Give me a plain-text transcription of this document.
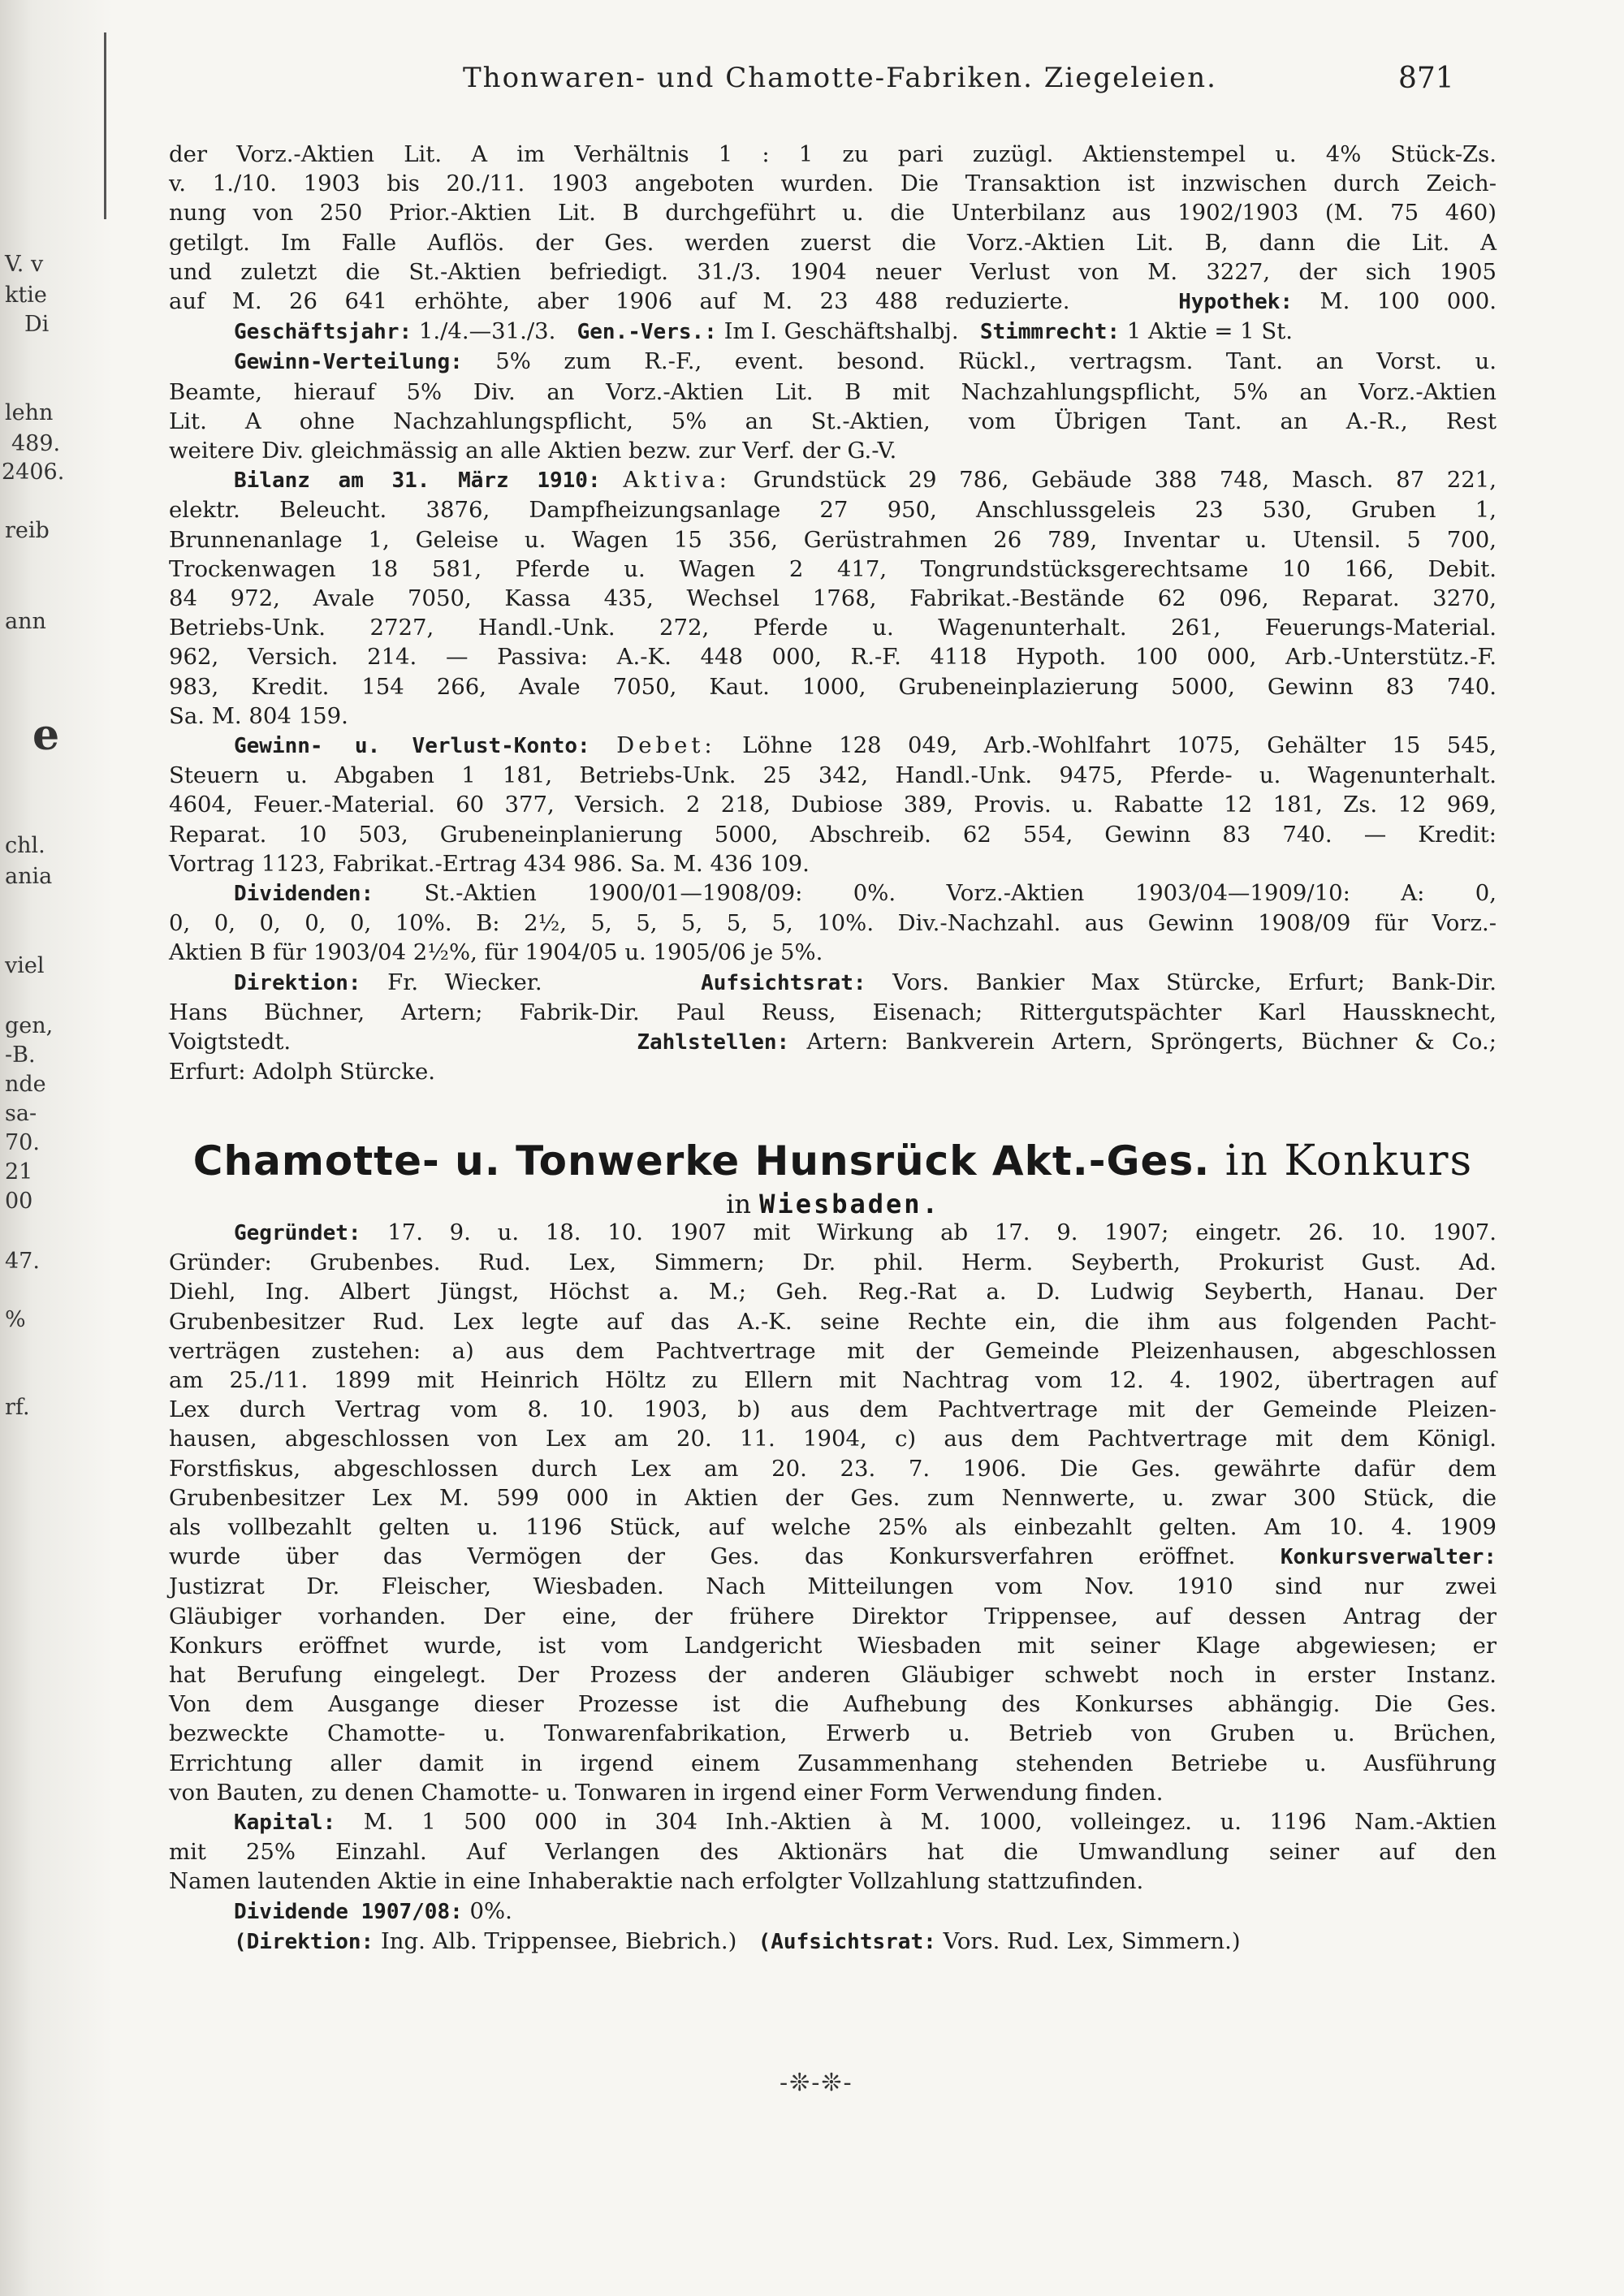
V. v
ktie
Di
lehn
489.
2406.
reib
ann
e
chl.
ania
viel
gen,
-B.
nde
sa-
70.
21
00
47.
%
rf.
Thonwaren- und Chamotte-Fabriken. Ziegeleien.	871

der Vorz.-Aktien Lit. A im Verhältnis 1 : 1 zu pari zuzügl. Aktienstempel u. 4% Stück-Zs.

v. 1./10. 1903 bis 20./11. 1903 angeboten wurden. Die Transaktion ist inzwischen durch Zeich-

nung von 250 Prior.-Aktien Lit. B durchgeführt u. die Unterbilanz aus 1902/1903 (M. 75 460)

getilgt. Im Falle Auflös. der Ges. werden zuerst die Vorz.-Aktien Lit. B, dann die Lit. A

und zuletzt die St.-Aktien befriedigt. 31./3. 1904 neuer Verlust von M. 3227, der sich 1905

auf M. 26 641 erhöhte, aber 1906 auf M. 23 488 reduzierte.	Hypothek: M. 100 000.

Geschäftsjahr: 1./4.—31./3. Gen.-Vers.: Im I. Geschäftshalbj. Stimmrecht: 1 Aktie = 1 St.

Gewinn-Verteilung: 5% zum R.-F., event. besond. Rückl., vertragsm. Tant. an Vorst. u.

Beamte, hierauf 5% Div. an Vorz.-Aktien Lit. B mit Nachzahlungspflicht, 5% an Vorz.-Aktien

Lit. A ohne Nachzahlungspflicht, 5% an St.-Aktien, vom Übrigen Tant. an A.-R., Rest

weitere Div. gleichmässig an alle Aktien bezw. zur Verf. der G.-V.

Bilanz am 31. März 1910: Aktiva: Grundstück 29 786, Gebäude 388 748, Masch. 87 221,

elektr. Beleucht. 3876, Dampfheizungsanlage 27 950, Anschlussgeleis 23 530, Gruben 1,

Brunnenanlage 1, Geleise u. Wagen 15 356, Gerüstrahmen 26 789, Inventar u. Utensil. 5 700,

Trockenwagen 18 581, Pferde u. Wagen 2 417, Tongrundstücksgerechtsame 10 166, Debit.

84 972, Avale 7050, Kassa 435, Wechsel 1768, Fabrikat.-Bestände 62 096, Reparat. 3270,

Betriebs-Unk. 2727, Handl.-Unk. 272, Pferde u. Wagenunterhalt. 261, Feuerungs-Material.

962, Versich. 214. — Passiva: A.-K. 448 000, R.-F. 4118 Hypoth. 100 000, Arb.-Unterstütz.-F.

983, Kredit. 154 266, Avale 7050, Kaut. 1000, Grubeneinplazierung 5000, Gewinn 83 740.

Sa. M. 804 159.

Gewinn- u. Verlust-Konto: Debet: Löhne 128 049, Arb.-Wohlfahrt 1075, Gehälter 15 545,

Steuern u. Abgaben 1 181, Betriebs-Unk. 25 342, Handl.-Unk. 9475, Pferde- u. Wagenunterhalt.

4604, Feuer.-Material. 60 377, Versich. 2 218, Dubiose 389, Provis. u. Rabatte 12 181, Zs. 12 969,

Reparat. 10 503, Grubeneinplanierung 5000, Abschreib. 62 554, Gewinn 83 740. — Kredit:

Vortrag 1123, Fabrikat.-Ertrag 434 986. Sa. M. 436 109.

Dividenden: St.-Aktien 1900/01—1908/09: 0%. Vorz.-Aktien 1903/04—1909/10: A: 0,

0, 0, 0, 0, 0, 10%. B: 2½, 5, 5, 5, 5, 5, 10%. Div.-Nachzahl. aus Gewinn 1908/09 für Vorz.-

Aktien B für 1903/04 2½%, für 1904/05 u. 1905/06 je 5%.

Direktion: Fr. Wiecker.	Aufsichtsrat: Vors. Bankier Max Stürcke, Erfurt; Bank-Dir.

Hans Büchner, Artern; Fabrik-Dir. Paul Reuss, Eisenach; Rittergutspächter Karl Haussknecht,

Voigtstedt.	Zahlstellen: Artern: Bankverein Artern, Spröngerts, Büchner & Co.;

Erfurt: Adolph Stürcke.

Chamotte- u. Tonwerke Hunsrück Akt.-Ges. in Konkurs
in Wiesbaden.

Gegründet: 17. 9. u. 18. 10. 1907 mit Wirkung ab 17. 9. 1907; eingetr. 26. 10. 1907.

Gründer: Grubenbes. Rud. Lex, Simmern; Dr. phil. Herm. Seyberth, Prokurist Gust. Ad.

Diehl, Ing. Albert Jüngst, Höchst a. M.; Geh. Reg.-Rat a. D. Ludwig Seyberth, Hanau. Der

Grubenbesitzer Rud. Lex legte auf das A.-K. seine Rechte ein, die ihm aus folgenden Pacht-

verträgen zustehen: a) aus dem Pachtvertrage mit der Gemeinde Pleizenhausen, abgeschlossen

am 25./11. 1899 mit Heinrich Höltz zu Ellern mit Nachtrag vom 12. 4. 1902, übertragen auf

Lex durch Vertrag vom 8. 10. 1903, b) aus dem Pachtvertrage mit der Gemeinde Pleizen-

hausen, abgeschlossen von Lex am 20. 11. 1904, c) aus dem Pachtvertrage mit dem Königl.

Forstfiskus, abgeschlossen durch Lex am 20. 23. 7. 1906. Die Ges. gewährte dafür dem

Grubenbesitzer Lex M. 599 000 in Aktien der Ges. zum Nennwerte, u. zwar 300 Stück, die

als vollbezahlt gelten u. 1196 Stück, auf welche 25% als einbezahlt gelten. Am 10. 4. 1909

wurde über das Vermögen der Ges. das Konkursverfahren eröffnet. Konkursverwalter:

Justizrat Dr. Fleischer, Wiesbaden. Nach Mitteilungen vom Nov. 1910 sind nur zwei

Gläubiger vorhanden. Der eine, der frühere Direktor Trippensee, auf dessen Antrag der

Konkurs eröffnet wurde, ist vom Landgericht Wiesbaden mit seiner Klage abgewiesen; er

hat Berufung eingelegt. Der Prozess der anderen Gläubiger schwebt noch in erster Instanz.

Von dem Ausgange dieser Prozesse ist die Aufhebung des Konkurses abhängig. Die Ges.

bezweckte Chamotte- u. Tonwarenfabrikation, Erwerb u. Betrieb von Gruben u. Brüchen,

Errichtung aller damit in irgend einem Zusammenhang stehenden Betriebe u. Ausführung

von Bauten, zu denen Chamotte- u. Tonwaren in irgend einer Form Verwendung finden.

Kapital: M. 1 500 000 in 304 Inh.-Aktien à M. 1000, volleingez. u. 1196 Nam.-Aktien

mit 25% Einzahl. Auf Verlangen des Aktionärs hat die Umwandlung seiner auf den

Namen lautenden Aktie in eine Inhaberaktie nach erfolgter Vollzahlung stattzufinden.

Dividende 1907/08: 0%.

(Direktion: Ing. Alb. Trippensee, Biebrich.) (Aufsichtsrat: Vors. Rud. Lex, Simmern.)

-❊-❊-
